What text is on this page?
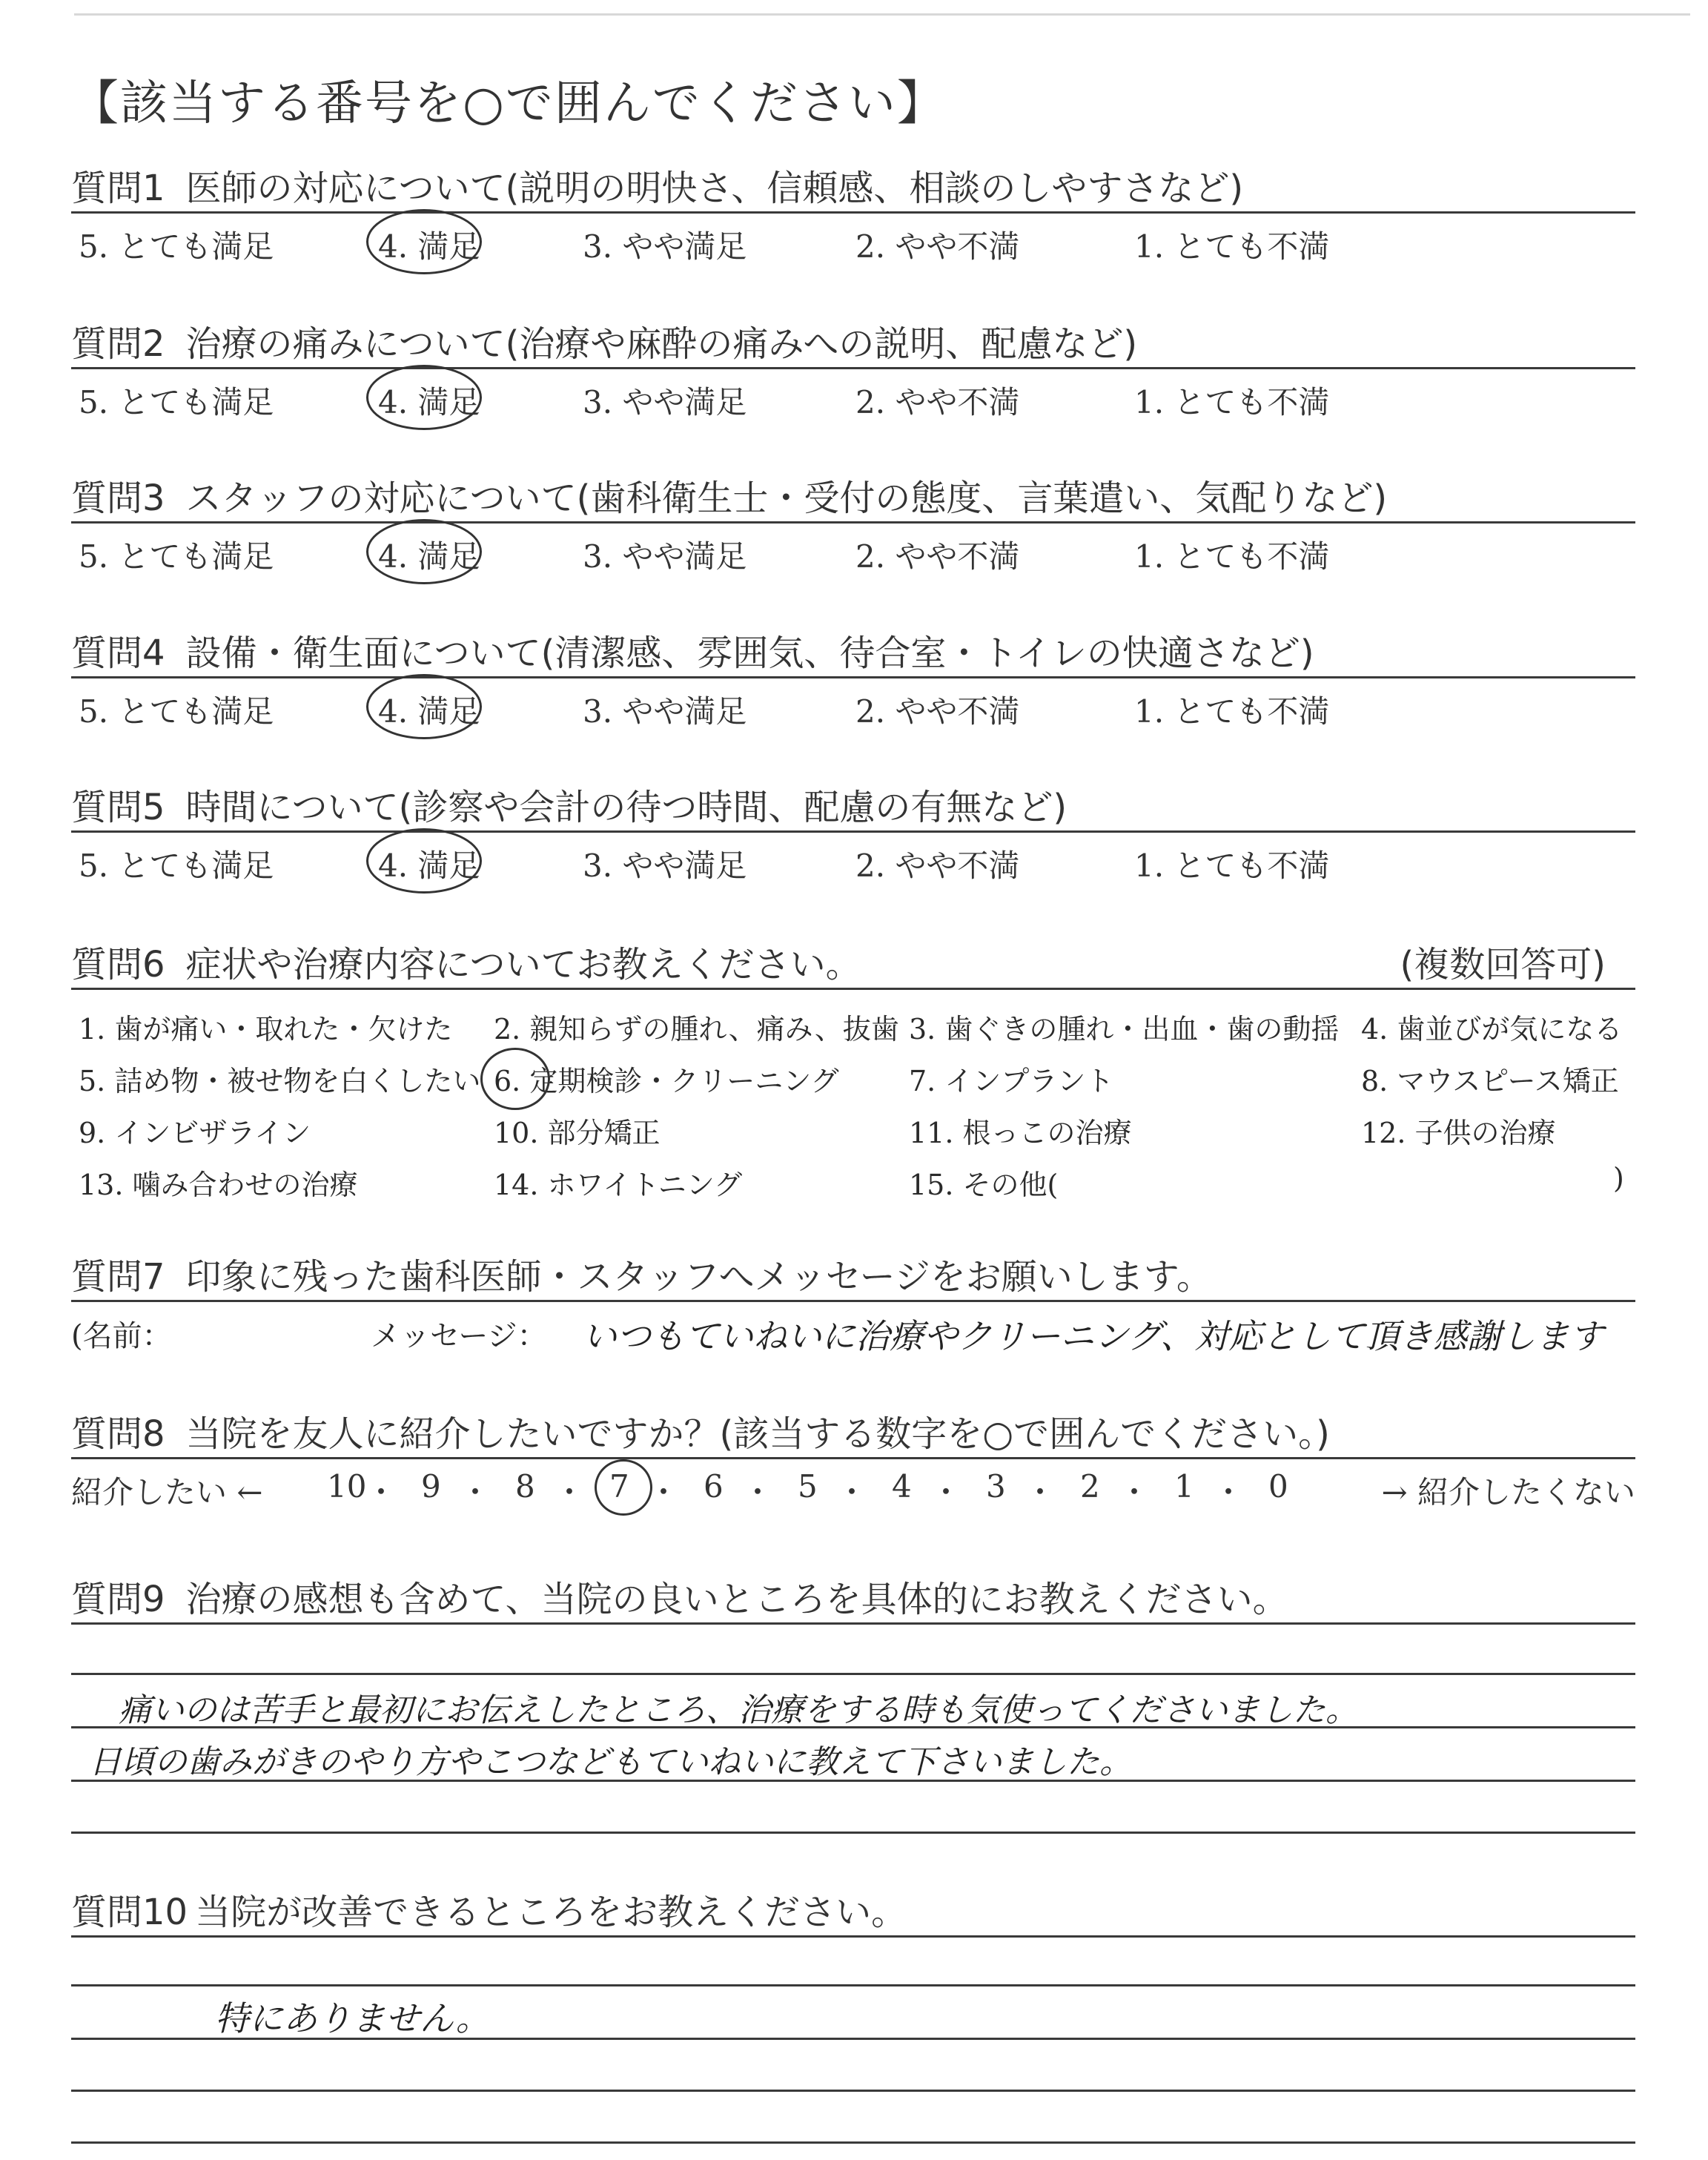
【該当する番号を○で囲んでください】
質問1 医師の対応について(説明の明快さ、信頼感、相談のしやすさなど)
5. とても満足	4. 満足	3. やや満足	2. やや不満	1. とても不満
質問2 治療の痛みについて(治療や麻酔の痛みへの説明、配慮など)
5. とても満足	4. 満足	3. やや満足	2. やや不満	1. とても不満
質問3 スタッフの対応について(歯科衛生士・受付の態度、言葉遣い、気配りなど)
5. とても満足	4. 満足	3. やや満足	2. やや不満	1. とても不満
質問4 設備・衛生面について(清潔感、雰囲気、待合室・トイレの快適さなど)
5. とても満足	4. 満足	3. やや満足	2. やや不満	1. とても不満
質問5 時間について(診察や会計の待つ時間、配慮の有無など)
5. とても満足	4. 満足	3. やや満足	2. やや不満	1. とても不満
質問6 症状や治療内容についてお教えください。	(複数回答可)
1. 歯が痛い・取れた・欠けた 2. 親知らずの腫れ、痛み、抜歯 3. 歯ぐきの腫れ・出血・歯の動揺 4. 歯並びが気になる
5. 詰め物・被せ物を白くしたい 6. 定期検診・クリーニング 7. インプラント	8. マウスピース矯正
9. インビザライン	10. 部分矯正	11. 根っこの治療	12. 子供の治療
13. 噛み合わせの治療	14. ホワイトニング	15. その他(	)
質問7 印象に残った歯科医師・スタッフへメッセージをお願いします。
(名前：	メッセージ： いつもていねいに治療やクリーニング、対応として頂き感謝します
質問8 当院を友人に紹介したいですか？(該当する数字を○で囲んでください。)
紹介したい ←	→ 紹介したくない
10
・ 9 ・ 8 ・ 7 ・ 6 ・ 5 ・ 4 ・ 3 ・ 2 ・ 1 ・ 0
質問9 治療の感想も含めて、当院の良いところを具体的にお教えください。
痛いのは苦手と最初にお伝えしたところ、治療をする時も気使ってくださいました。
日頃の歯みがきのやり方やこつなどもていねいに教えて下さいました。
質問10 当院が改善できるところをお教えください。
特にありません。
